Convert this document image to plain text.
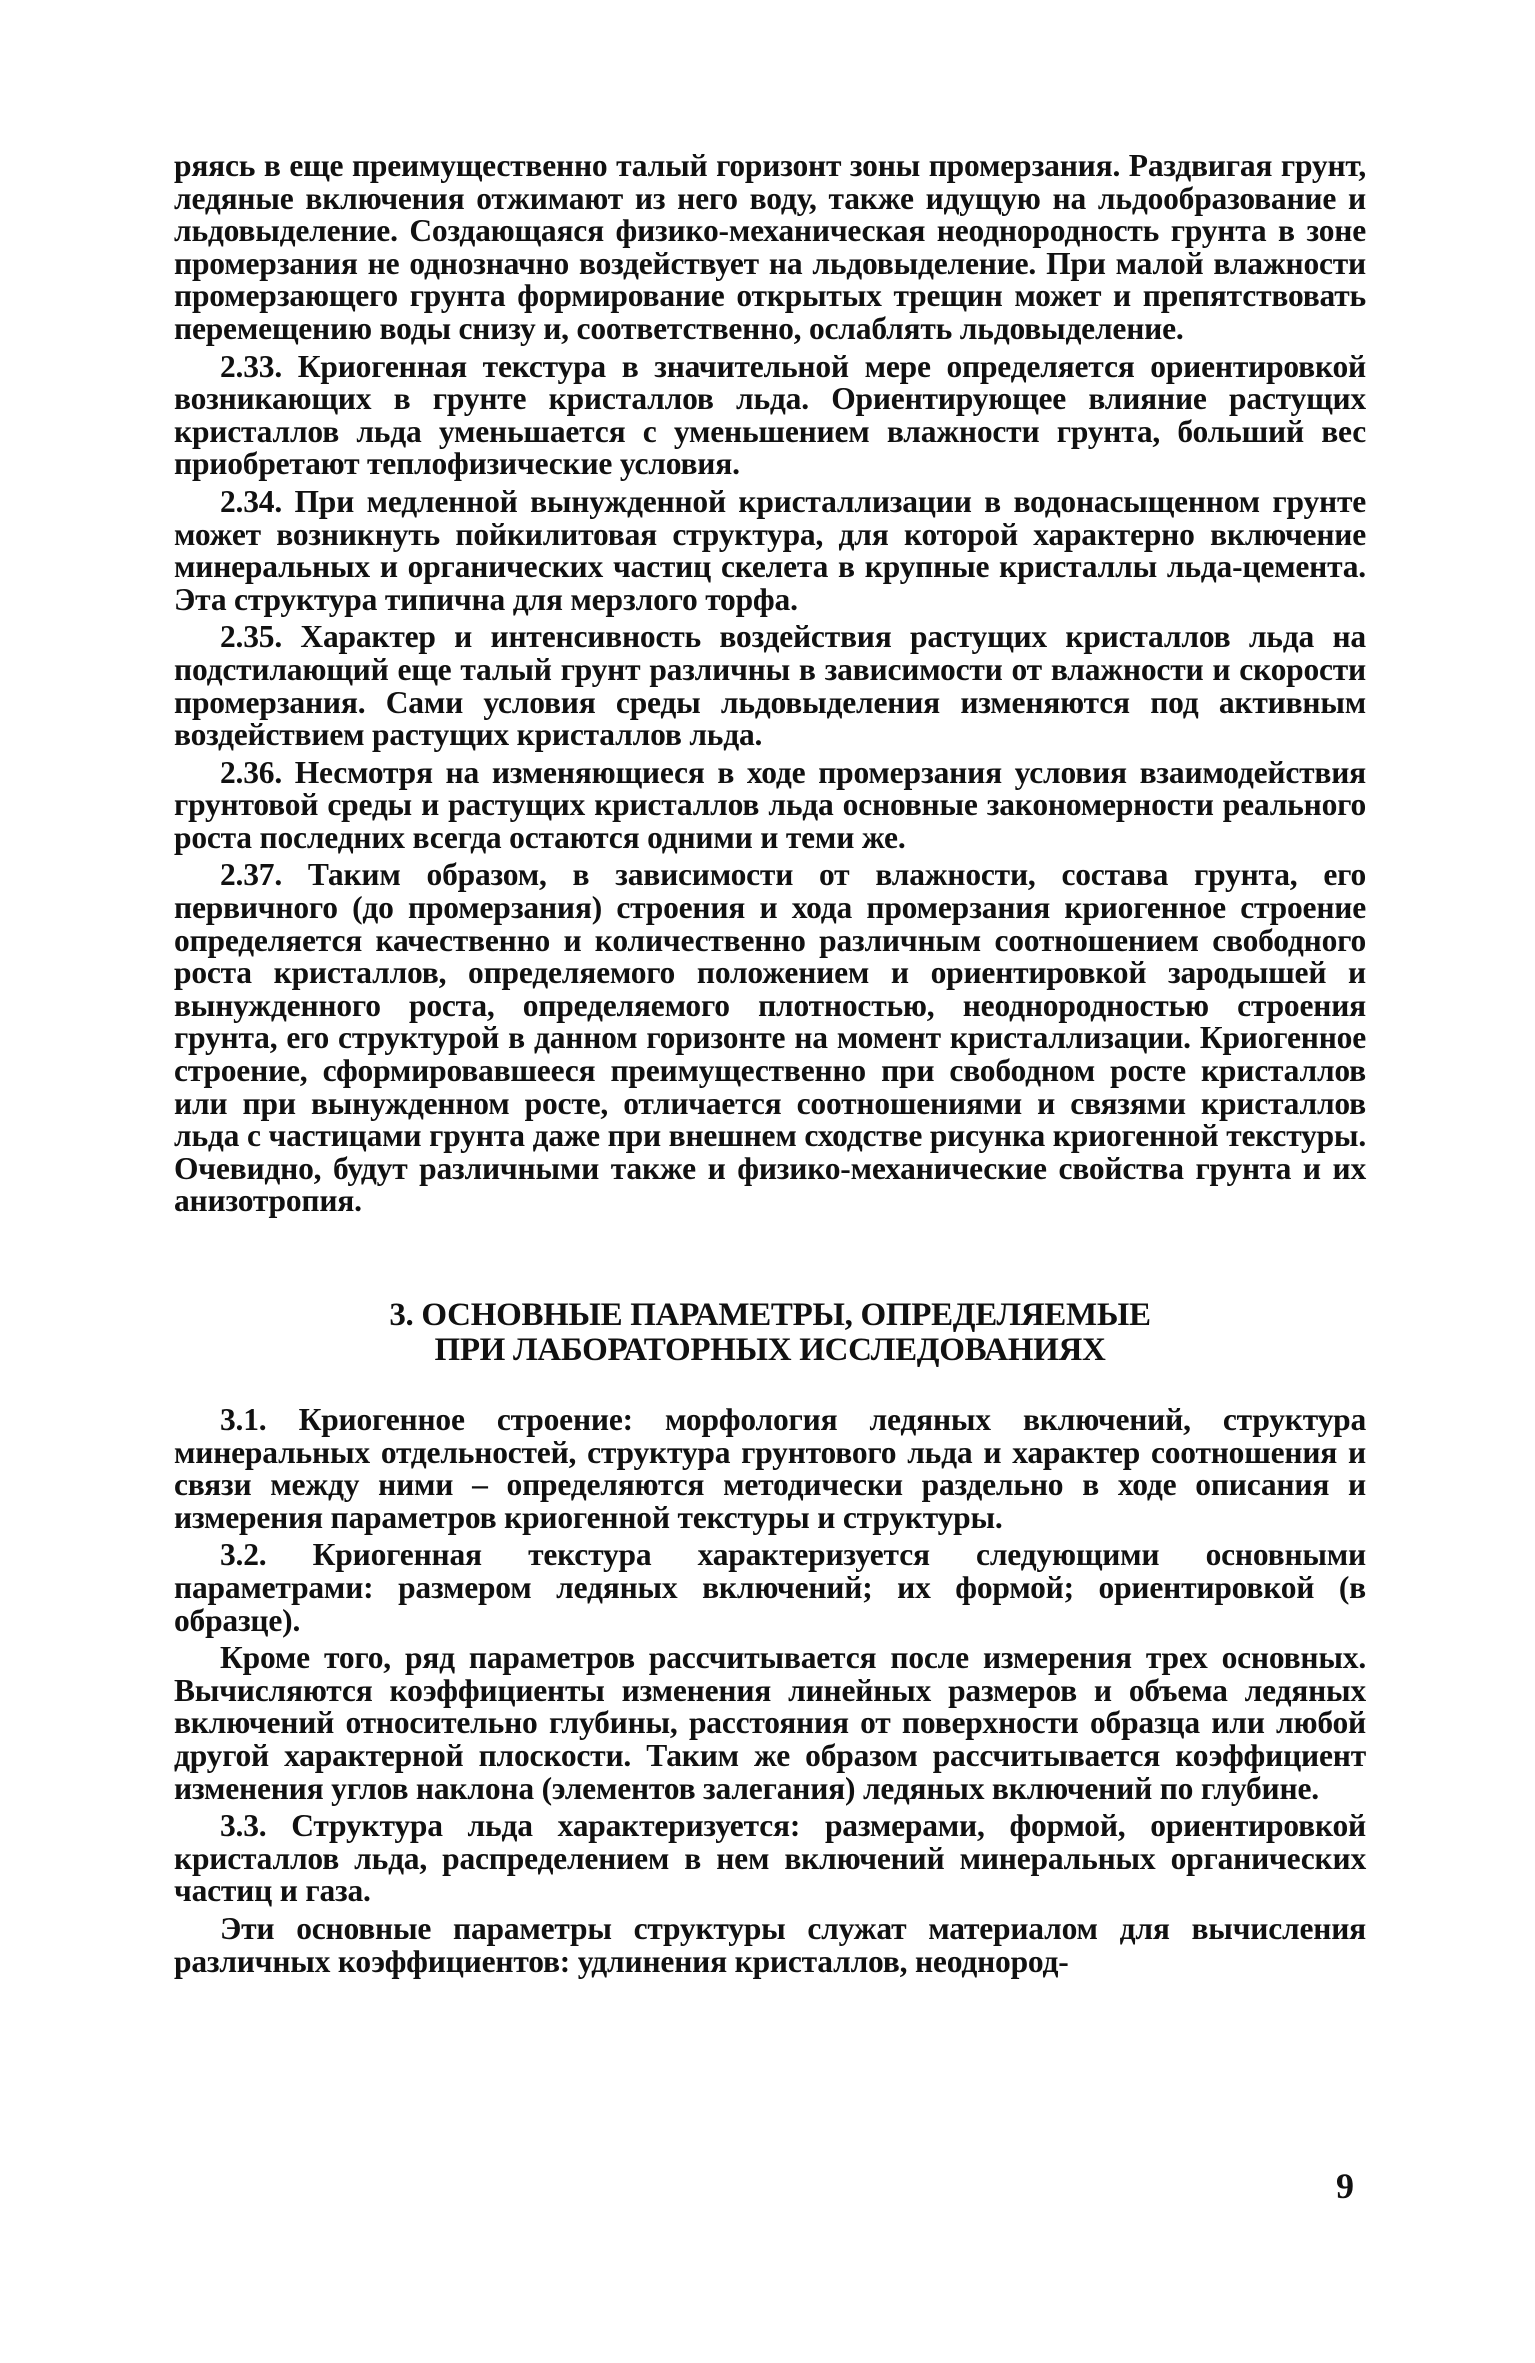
ряясь в еще преимущественно талый горизонт зоны промерзания. Раздвигая грунт, ледяные включения отжимают из него воду, также идущую на льдообразование и льдовыделение. Создающаяся физико-механическая неоднородность грунта в зоне промерзания не однозначно воздействует на льдовыделение. При малой влажности промерзающего грунта формирование открытых трещин может и препятствовать перемещению воды снизу и, соответственно, ослаблять льдовыделение.

2.33. Криогенная текстура в значительной мере определяется ориентировкой возникающих в грунте кристаллов льда. Ориентирующее влияние растущих кристаллов льда уменьшается с уменьшением влажности грунта, больший вес приобретают теплофизические условия.

2.34. При медленной вынужденной кристаллизации в водонасыщенном грунте может возникнуть пойкилитовая структура, для которой характерно включение минеральных и органических частиц скелета в крупные кристаллы льда-цемента. Эта структура типична для мерзлого торфа.

2.35. Характер и интенсивность воздействия растущих кристаллов льда на подстилающий еще талый грунт различны в зависимости от влажности и скорости промерзания. Сами условия среды льдовыделения изменяются под активным воздействием растущих кристаллов льда.

2.36. Несмотря на изменяющиеся в ходе промерзания условия взаимодействия грунтовой среды и растущих кристаллов льда основные закономерности реального роста последних всегда остаются одними и теми же.

2.37. Таким образом, в зависимости от влажности, состава грунта, его первичного (до промерзания) строения и хода промерзания криогенное строение определяется качественно и количественно различным соотношением свободного роста кристаллов, определяемого положением и ориентировкой зародышей и вынужденного роста, определяемого плотностью, неоднородностью строения грунта, его структурой в данном горизонте на момент кристаллизации. Криогенное строение, сформировавшееся преимущественно при свободном росте кристаллов или при вынужденном росте, отличается соотношениями и связями кристаллов льда с частицами грунта даже при внешнем сходстве рисунка криогенной текстуры. Очевидно, будут различными также и физико-механические свойства грунта и их анизотропия.

3. ОСНОВНЫЕ ПАРАМЕТРЫ, ОПРЕДЕЛЯЕМЫЕ
ПРИ ЛАБОРАТОРНЫХ ИССЛЕДОВАНИЯХ

3.1. Криогенное строение: морфология ледяных включений, структура минеральных отдельностей, структура грунтового льда и характер соотношения и связи между ними – определяются методически раздельно в ходе описания и измерения параметров криогенной текстуры и структуры.

3.2. Криогенная текстура характеризуется следующими основными параметрами: размером ледяных включений; их формой; ориентировкой (в образце).

Кроме того, ряд параметров рассчитывается после измерения трех основных. Вычисляются коэффициенты изменения линейных размеров и объема ледяных включений относительно глубины, расстояния от поверхности образца или любой другой характерной плоскости. Таким же образом рассчитывается коэффициент изменения углов наклона (элементов залегания) ледяных включений по глубине.

3.3. Структура льда характеризуется: размерами, формой, ориентировкой кристаллов льда, распределением в нем включений минеральных органических частиц и газа.

Эти основные параметры структуры служат материалом для вычисления различных коэффициентов: удлинения кристаллов, неоднород-

9
